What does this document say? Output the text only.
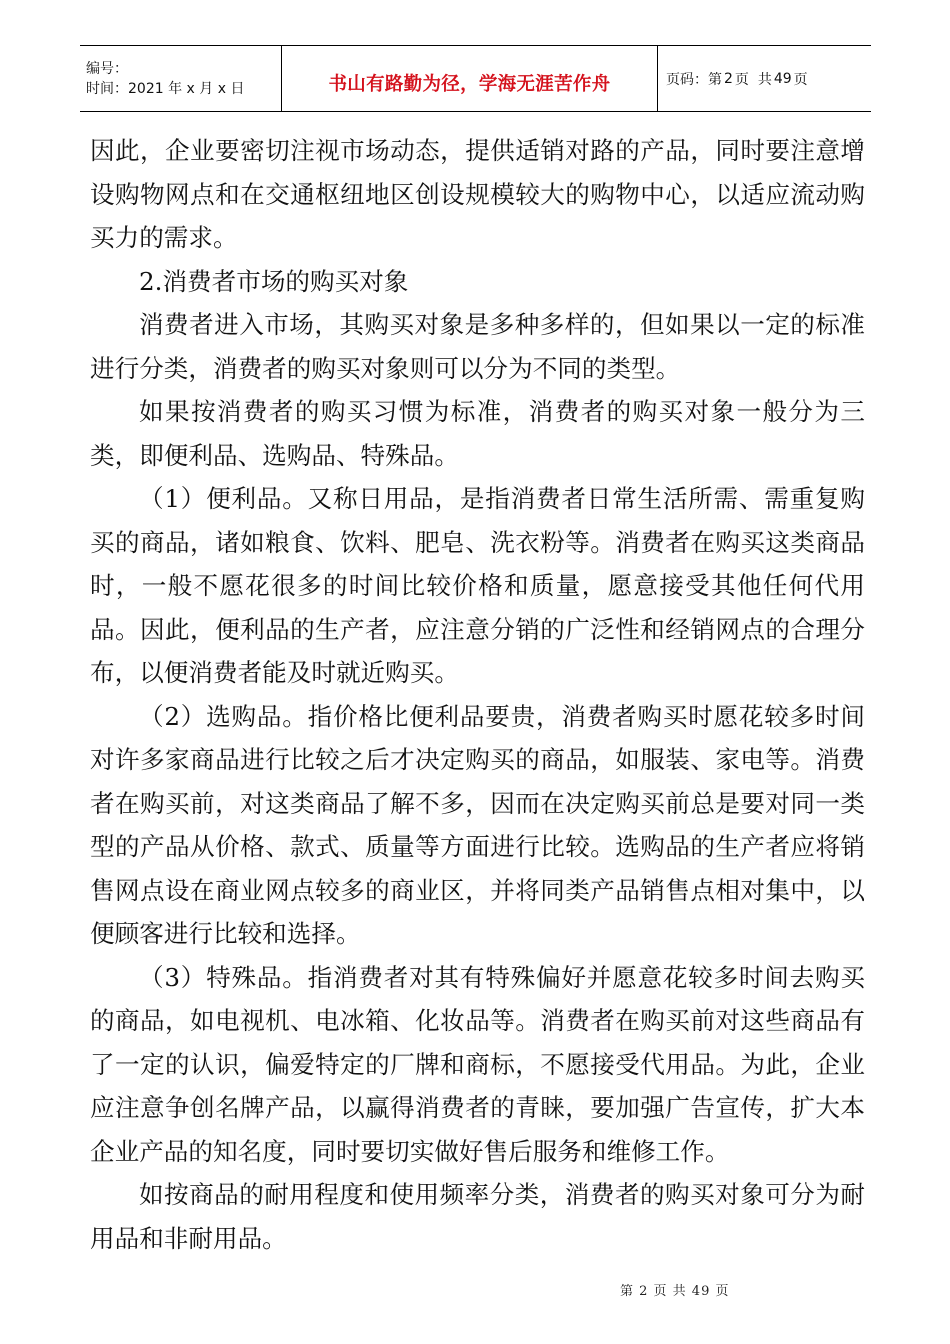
编号：
时间：2021 年 x 月 x 日	书山有路勤为径，学海无涯苦作舟	页码：第 2 页  共 49 页

因此，企业要密切注视市场动态，提供适销对路的产品，同时要注意增设购物网点和在交通枢纽地区创设规模较大的购物中心，以适应流动购买力的需求。

2.消费者市场的购买对象

消费者进入市场，其购买对象是多种多样的，但如果以一定的标准进行分类，消费者的购买对象则可以分为不同的类型。

如果按消费者的购买习惯为标准，消费者的购买对象一般分为三类，即便利品、选购品、特殊品。

（1）便利品。又称日用品，是指消费者日常生活所需、需重复购买的商品，诸如粮食、饮料、肥皂、洗衣粉等。消费者在购买这类商品时，一般不愿花很多的时间比较价格和质量，愿意接受其他任何代用品。因此，便利品的生产者，应注意分销的广泛性和经销网点的合理分布，以便消费者能及时就近购买。

（2）选购品。指价格比便利品要贵，消费者购买时愿花较多时间对许多家商品进行比较之后才决定购买的商品，如服装、家电等。消费者在购买前，对这类商品了解不多，因而在决定购买前总是要对同一类型的产品从价格、款式、质量等方面进行比较。选购品的生产者应将销售网点设在商业网点较多的商业区，并将同类产品销售点相对集中，以便顾客进行比较和选择。

（3）特殊品。指消费者对其有特殊偏好并愿意花较多时间去购买的商品，如电视机、电冰箱、化妆品等。消费者在购买前对这些商品有了一定的认识，偏爱特定的厂牌和商标，不愿接受代用品。为此，企业应注意争创名牌产品，以赢得消费者的青睐，要加强广告宣传，扩大本企业产品的知名度，同时要切实做好售后服务和维修工作。

如按商品的耐用程度和使用频率分类，消费者的购买对象可分为耐用品和非耐用品。

第 2 页 共 49 页
